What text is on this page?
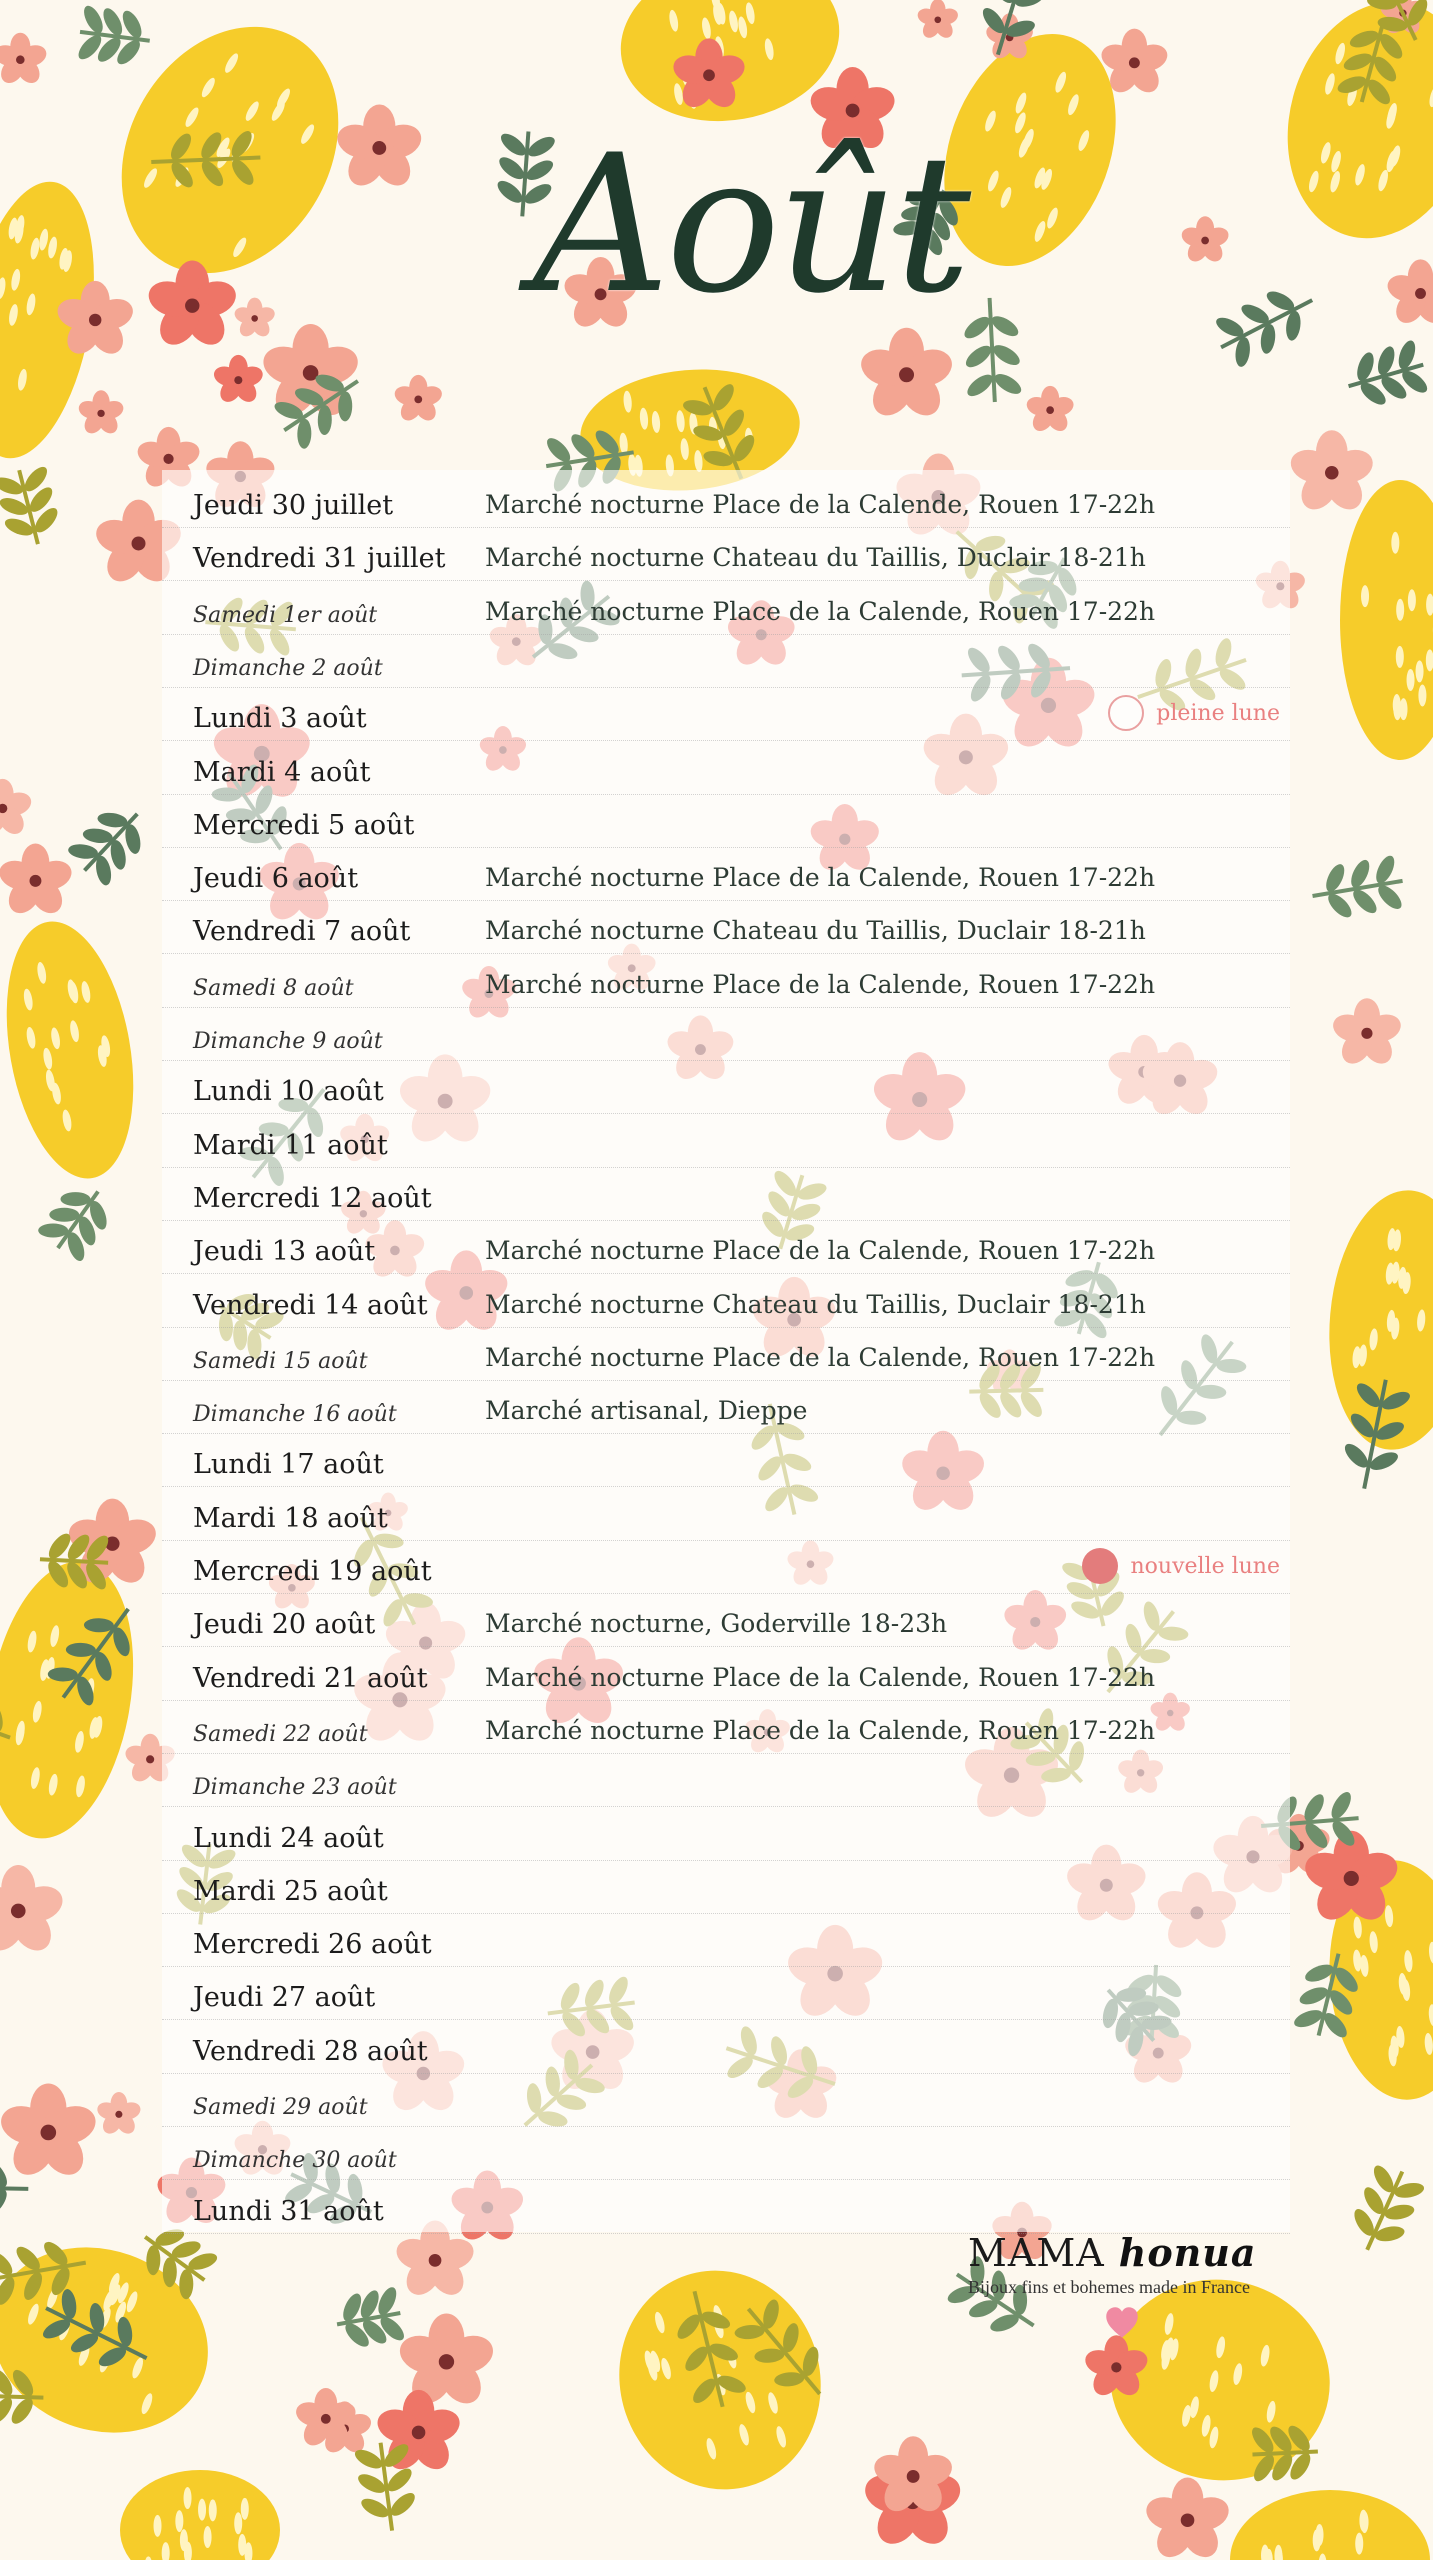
Août
Jeudi 30 juillet	Marché nocturne Place de la Calende, Rouen 17-22h
Vendredi 31 juillet Marché nocturne Chateau du Taillis, Duclair 18-21h
Samedi 1er août	Marché nocturne Place de la Calende, Rouen 17-22h
Dimanche 2 août
Lundi 3 août	pleine lune
Mardi 4 août
Mercredi 5 août
Jeudi 6 août	Marché nocturne Place de la Calende, Rouen 17-22h
Vendredi 7 août	Marché nocturne Chateau du Taillis, Duclair 18-21h
Samedi 8 août	Marché nocturne Place de la Calende, Rouen 17-22h
Dimanche 9 août
Lundi 10 août
Mardi 11 août
Mercredi 12 août
Jeudi 13 août	Marché nocturne Place de la Calende, Rouen 17-22h
Vendredi 14 août Marché nocturne Chateau du Taillis, Duclair 18-21h
Samedi 15 août	Marché nocturne Place de la Calende, Rouen 17-22h
Dimanche 16 août	Marché artisanal, Dieppe
Lundi 17 août
Mardi 18 août
Mercredi 19 août	nouvelle lune
Jeudi 20 août	Marché nocturne, Goderville 18-23h
Vendredi 21 août Marché nocturne Place de la Calende, Rouen 17-22h
Samedi 22 août	Marché nocturne Place de la Calende, Rouen 17-22h
Dimanche 23 août
Lundi 24 août
Mardi 25 août
Mercredi 26 août
Jeudi 27 août
Vendredi 28 août
Samedi 29 août
Dimanche 30 août
Lundi 31 août
MAMA honua
Bijoux fins et bohemes made in France
